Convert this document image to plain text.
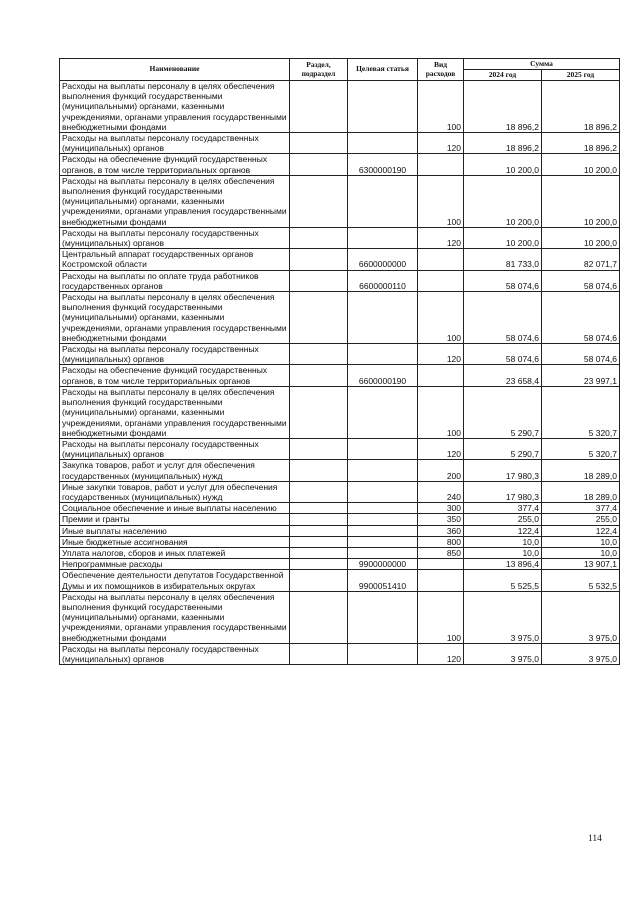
Наименование	Раздел, подраздел	Целевая статья	Вид расходов	Сумма	
				2024 год	2025 год
Расходы на выплаты персоналу в целях обеспечения выполнения функций государственными (муниципальными) органами, казенными учреждениями, органами управления государственными внебюджетными фондами			100	18 896,2	18 896,2
Расходы на выплаты персоналу государственных (муниципальных) органов			120	18 896,2	18 896,2
Расходы на обеспечение функций государственных органов, в том числе территориальных органов		6300000190		10 200,0	10 200,0
Расходы на выплаты персоналу в целях обеспечения выполнения функций государственными (муниципальными) органами, казенными учреждениями, органами управления государственными внебюджетными фондами			100	10 200,0	10 200,0
Расходы на выплаты персоналу государственных (муниципальных) органов			120	10 200,0	10 200,0
Центральный аппарат государственных органов Костромской области		6600000000		81 733,0	82 071,7
Расходы на выплаты по оплате труда работников государственных органов		6600000110		58 074,6	58 074,6
Расходы на выплаты персоналу в целях обеспечения выполнения функций государственными (муниципальными) органами, казенными учреждениями, органами управления государственными внебюджетными фондами			100	58 074,6	58 074,6
Расходы на выплаты персоналу государственных (муниципальных) органов			120	58 074,6	58 074,6
Расходы на обеспечение функций государственных органов, в том числе территориальных органов		6600000190		23 658,4	23 997,1
Расходы на выплаты персоналу в целях обеспечения выполнения функций государственными (муниципальными) органами, казенными учреждениями, органами управления государственными внебюджетными фондами			100	5 290,7	5 320,7
Расходы на выплаты персоналу государственных (муниципальных) органов			120	5 290,7	5 320,7
Закупка товаров, работ и услуг для обеспечения государственных (муниципальных) нужд			200	17 980,3	18 289,0
Иные закупки товаров, работ и услуг для обеспечения государственных (муниципальных) нужд			240	17 980,3	18 289,0
Социальное обеспечение и иные выплаты населению			300	377,4	377,4
Премии и гранты			350	255,0	255,0
Иные выплаты населению			360	122,4	122,4
Иные бюджетные ассигнования			800	10,0	10,0
Уплата налогов, сборов и иных платежей			850	10,0	10,0
Непрограммные расходы		9900000000		13 896,4	13 907,1
Обеспечение деятельности депутатов Государственной Думы и их помощников в избирательных округах		9900051410		5 525,5	5 532,5
Расходы на выплаты персоналу в целях обеспечения выполнения функций государственными (муниципальными) органами, казенными учреждениями, органами управления государственными внебюджетными фондами			100	3 975,0	3 975,0
Расходы на выплаты персоналу государственных (муниципальных) органов			120	3 975,0	3 975,0
114
